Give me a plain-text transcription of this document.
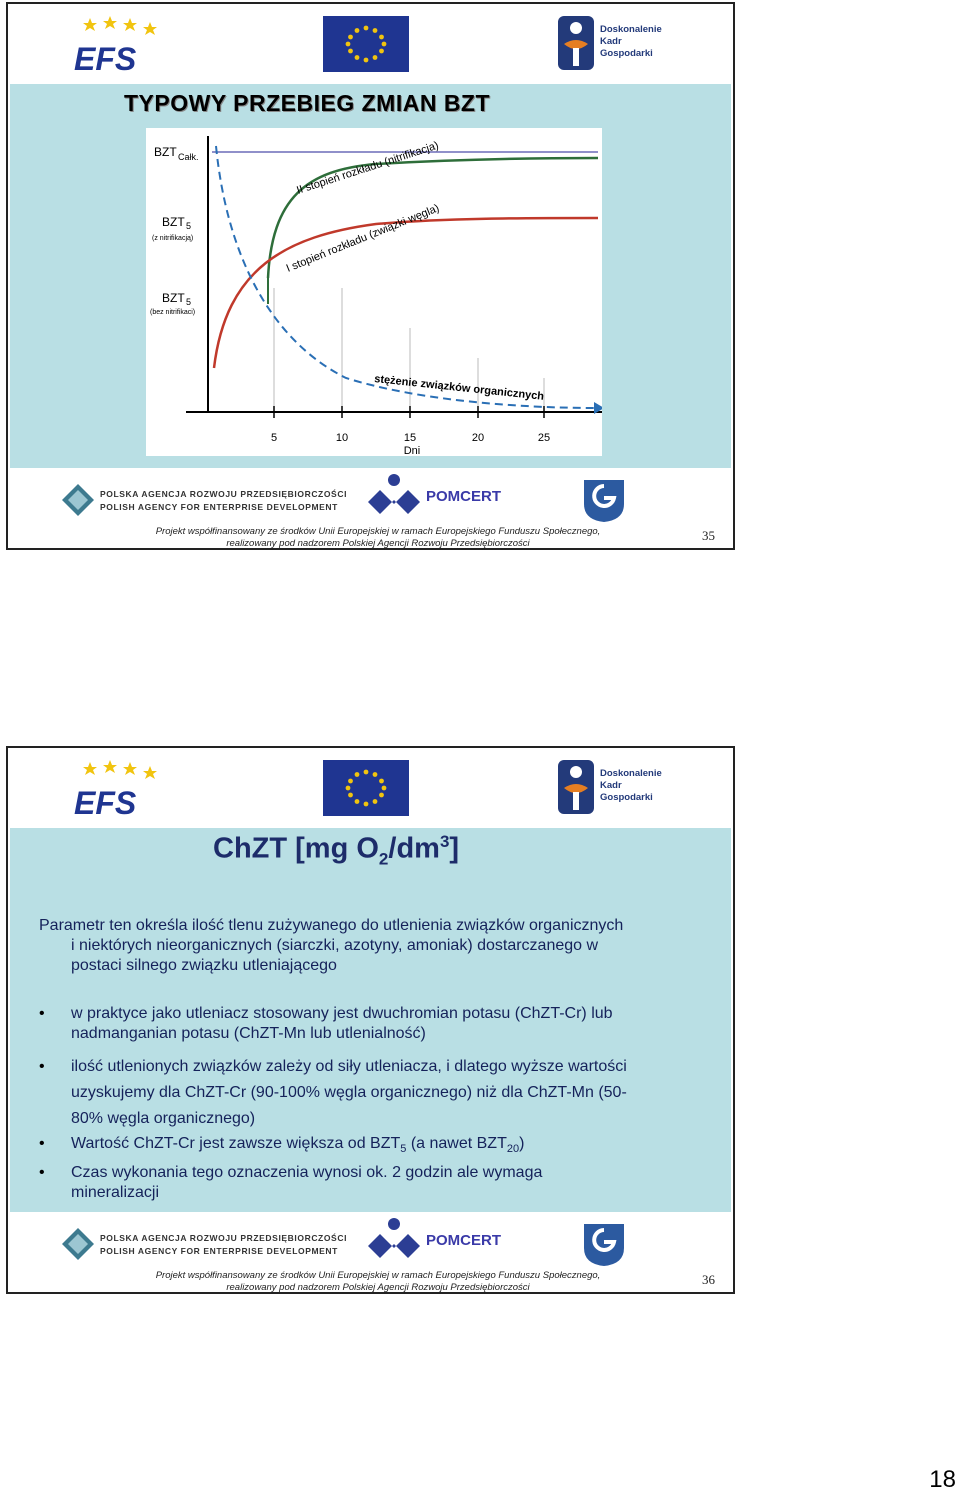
EFS
Doskonalenie
Kadr
Gospodarki
TYPOWY PRZEBIEG ZMIAN BZT
BZT Całk.
BZT 5
(z nitrifikacją)
BZT 5
(bez nitrifikaci)
II stopień rozkładu (nitrifikacja)
I stopień rozkładu (związki węgla)
stężenie związków organicznych
5	10	15	20	25
Dni
POLSKA AGENCJA ROZWOJU PRZEDSIĘBIORCZOŚCI
POLISH AGENCY FOR ENTERPRISE DEVELOPMENT
POMCERT
Projekt współfinansowany ze środków Unii Europejskiej w ramach Europejskiego Funduszu Społecznego,
realizowany pod nadzorem Polskiej Agencji Rozwoju Przedsiębiorczości
35
EFS
Doskonalenie
Kadr
Gospodarki
ChZT [mg $O_2/dm^3$]
Parametr ten określa ilość tlenu zużywanego do utlenienia związków organicznych
i niektórych nieorganicznych (siarczki, azotyny, amoniak) dostarczanego w
postaci silnego związku utleniającego
• w praktyce jako utleniacz stosowany jest dwuchromian potasu (ChZT-Cr) lub
nadmanganian potasu (ChZT-Mn lub utlenialność)
• ilość utlenionych związków zależy od siły utleniacza, i dlatego wyższe wartości
uzyskujemy dla ChZT-Cr (90-100% węgla organicznego) niż dla ChZT-Mn (50-
80% węgla organicznego)
• Wartość ChZT-Cr jest zawsze większa od $BZT_5$ (a nawet $BZT_{20}$)
• Czas wykonania tego oznaczenia wynosi ok. 2 godzin ale wymaga
mineralizacji
POLSKA AGENCJA ROZWOJU PRZEDSIĘBIORCZOŚCI
POLISH AGENCY FOR ENTERPRISE DEVELOPMENT
POMCERT
Projekt współfinansowany ze środków Unii Europejskiej w ramach Europejskiego Funduszu Społecznego,
realizowany pod nadzorem Polskiej Agencji Rozwoju Przedsiębiorczości
36
18
